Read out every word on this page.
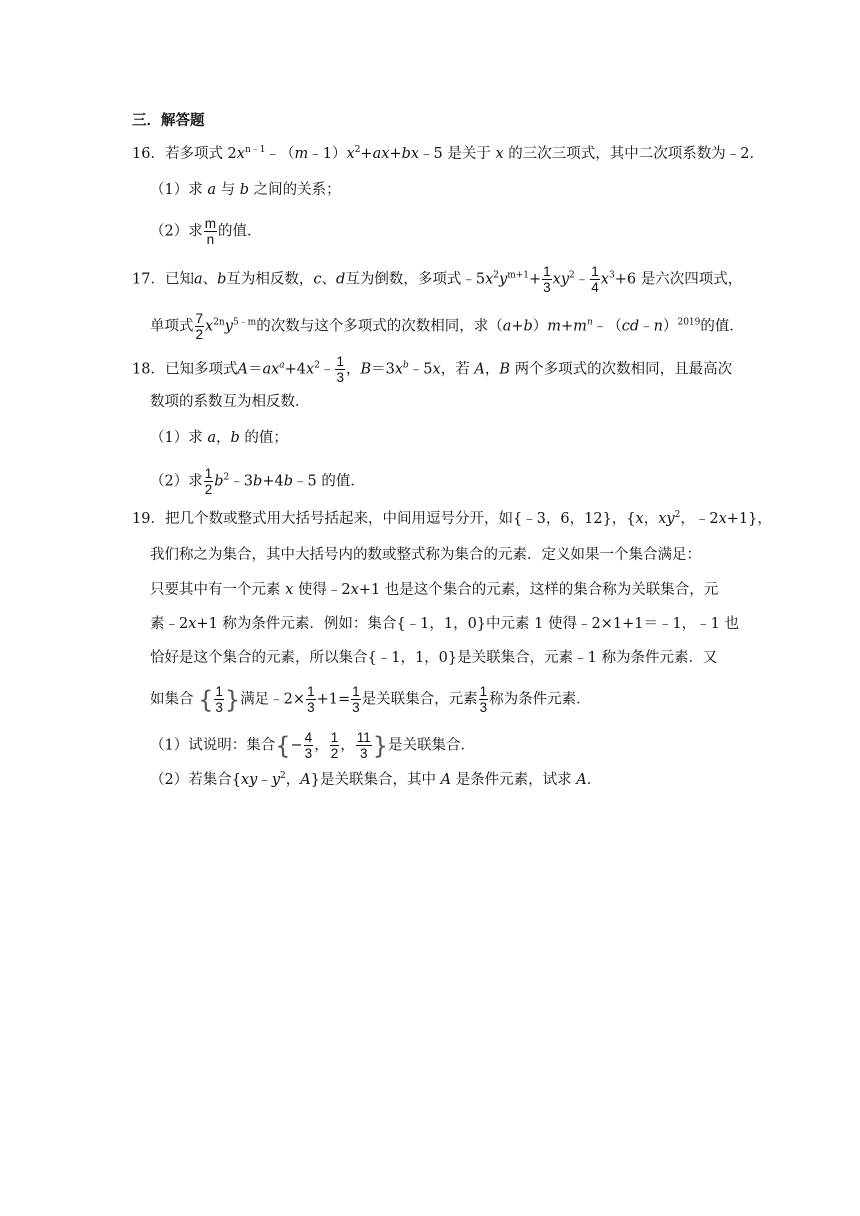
三．解答题
16．若多项式 $2x^{n﹣1}﹣(m﹣1)x^2+ax+bx﹣5$ 是关于 x 的三次三项式，其中二次项系数为﹣2．
（1）求 a 与 b 之间的关系；
（2）求 $\frac{m}{n}$ 的值．
17．已知a、b互为相反数，c、d互为倒数，多项式$﹣5x^2y^{m+1}+ \frac{1}{3}$ $xy^2﹣ \frac{1}{4} x^3+6$ 是六次四项式，
单项式 $\frac{7}{2} x^{2n}y^{5﹣m}$的次数与这个多项式的次数相同，求$(a+b)m+m^n﹣(cd﹣n)^{2019}$的值．
18．已知多项式$A=ax^a+4x^2﹣ \frac{1}{3}$ ，$B=3x^b﹣5x$，若 A，B 两个多项式的次数相同，且最高次
数项的系数互为相反数．
（1）求 a，b 的值；
（2）求 $\frac{1}{2}$ $b^2﹣3b+4b﹣5$ 的值．
19．把几个数或整式用大括号括起来，中间用逗号分开，如{﹣3，6，12}，{x，$xy^2$，﹣2x+1}，
我们称之为集合，其中大括号内的数或整式称为集合的元素．定义如果一个集合满足：
只要其中有一个元素 x 使得﹣2x+1 也是这个集合的元素，这样的集合称为关联集合，元
素﹣2x+1 称为条件元素．例如：集合{﹣1，1，0}中元素 1 使得﹣2×1+1＝﹣1，﹣1 也
恰好是这个集合的元素，所以集合{﹣1，1，0}是关联集合，元素﹣1 称为条件元素．又
如集合 { $\frac{1}{3}$ }满足﹣2× $\frac{1}{3} +1= \frac{1}{3}$ 是关联集合，元素 $\frac{1}{3}$ 称为条件元素．
（1）试说明：集合{− $\frac{4}{3}$ ， $\frac{1}{2}$ ， $\frac{11}{3}$ }是关联集合．
（2）若集合{$xy﹣y^2$，A}是关联集合，其中 A 是条件元素，试求 A．
